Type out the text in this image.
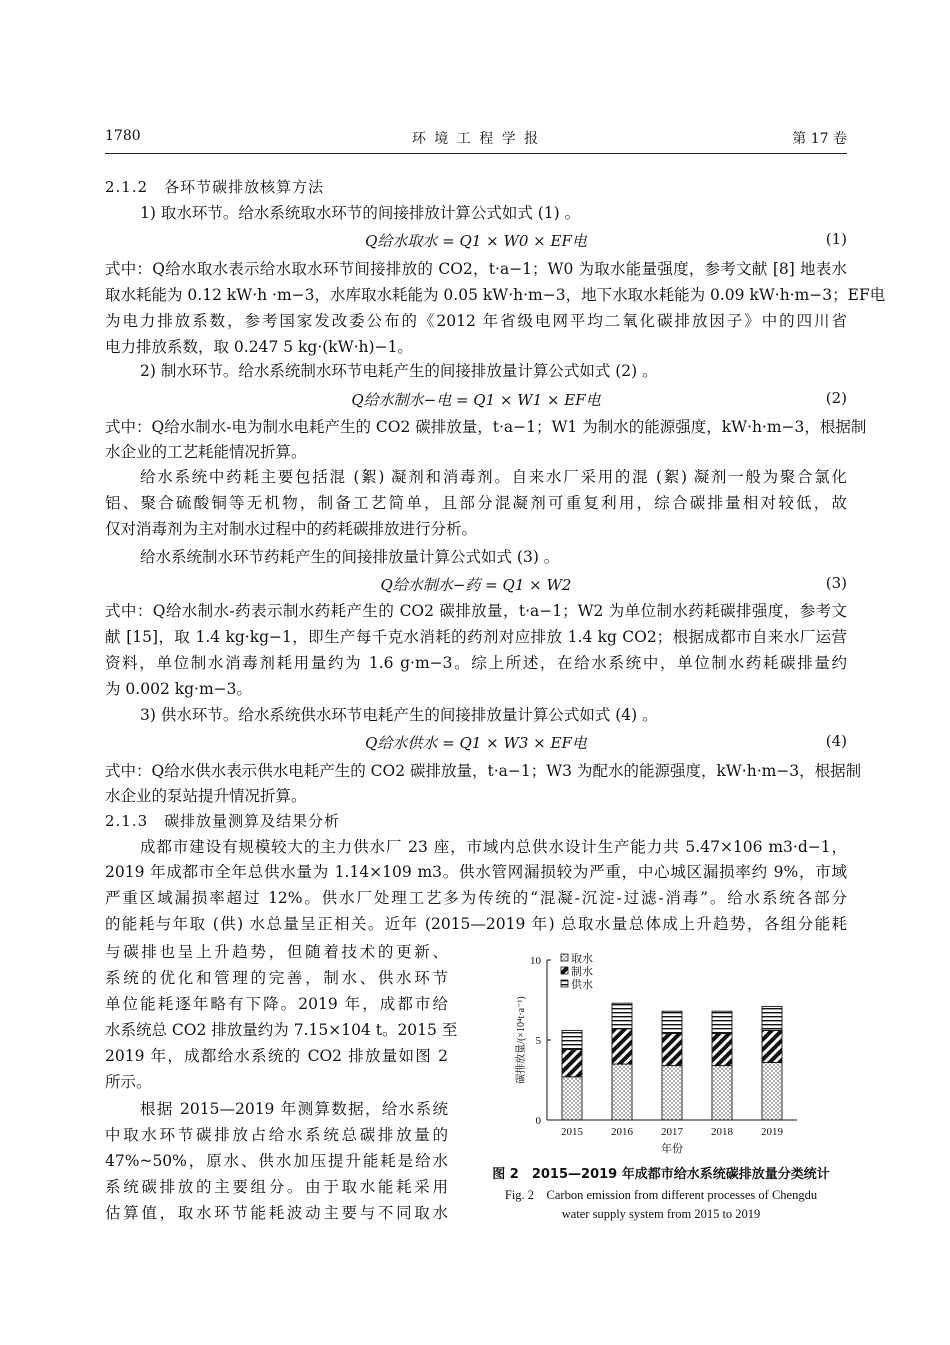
1780	环 境 工 程 学 报	第 17 卷
2.1.2　各环节碳排放核算方法
1) 取水环节。给水系统取水环节的间接排放计算公式如式 (1) 。
Q给水取水 = Q1 × W0 × EF电	(1)
式中：Q给水取水表示给水取水环节间接排放的 CO2，t·a−1；W0 为取水能量强度，参考文献 [8] 地表水
取水耗能为 0.12 kW·h ·m−3，水库取水耗能为 0.05 kW·h·m−3，地下水取水耗能为 0.09 kW·h·m−3；EF电
为电力排放系数，参考国家发改委公布的《2012 年省级电网平均二氧化碳排放因子》中的四川省
电力排放系数，取 0.247 5 kg·(kW·h)−1。
2) 制水环节。给水系统制水环节电耗产生的间接排放量计算公式如式 (2) 。
Q给水制水−电 = Q1 × W1 × EF电	(2)
式中：Q给水制水-电为制水电耗产生的 CO2 碳排放量，t·a−1；W1 为制水的能源强度，kW·h·m−3，根据制
水企业的工艺耗能情况折算。
给水系统中药耗主要包括混 (絮) 凝剂和消毒剂。自来水厂采用的混 (絮) 凝剂一般为聚合氯化
铝、聚合硫酸铜等无机物，制备工艺简单，且部分混凝剂可重复利用，综合碳排量相对较低，故
仅对消毒剂为主对制水过程中的药耗碳排放进行分析。
给水系统制水环节药耗产生的间接排放量计算公式如式 (3) 。
Q给水制水−药 = Q1 × W2	(3)
式中：Q给水制水-药表示制水药耗产生的 CO2 碳排放量，t·a−1；W2 为单位制水药耗碳排强度，参考文
献 [15]，取 1.4 kg·kg−1，即生产每千克水消耗的药剂对应排放 1.4 kg CO2；根据成都市自来水厂运营
资料，单位制水消毒剂耗用量约为 1.6 g·m−3。综上所述，在给水系统中，单位制水药耗碳排量约
为 0.002 kg·m−3。
3) 供水环节。给水系统供水环节电耗产生的间接排放量计算公式如式 (4) 。
Q给水供水 = Q1 × W3 × EF电	(4)
式中：Q给水供水表示供水电耗产生的 CO2 碳排放量，t·a−1；W3 为配水的能源强度，kW·h·m−3，根据制
水企业的泵站提升情况折算。
2.1.3　碳排放量测算及结果分析
成都市建设有规模较大的主力供水厂 23 座，市域内总供水设计生产能力共 5.47×106 m3·d−1，
2019 年成都市全年总供水量为 1.14×109 m3。供水管网漏损较为严重，中心城区漏损率约 9%，市域
严重区域漏损率超过 12%。供水厂处理工艺多为传统的“混凝-沉淀-过滤-消毒”。给水系统各部分
的能耗与年取 (供) 水总量呈正相关。近年 (2015—2019 年) 总取水量总体成上升趋势，各组分能耗
与碳排也呈上升趋势，但随着技术的更新、
系统的优化和管理的完善，制水、供水环节
单位能耗逐年略有下降。2019 年，成都市给
水系统总 CO2 排放量约为 7.15×104 t。2015 至
2019 年，成都给水系统的 CO2 排放量如图 2
所示。
根据 2015—2019 年测算数据，给水系统
中取水环节碳排放占给水系统总碳排放量的
47%~50%，原水、供水加压提升能耗是给水
系统碳排放的主要组分。由于取水能耗采用
估算值，取水环节能耗波动主要与不同取水
0
5
10
碳排放量/(×10⁴t·a⁻¹)
2015	2016	2017	2018	2019
年份
取水
制水
供水
图 2　2015—2019 年成都市给水系统碳排放量分类统计
Fig. 2　Carbon emission from different processes of Chengdu
water supply system from 2015 to 2019
